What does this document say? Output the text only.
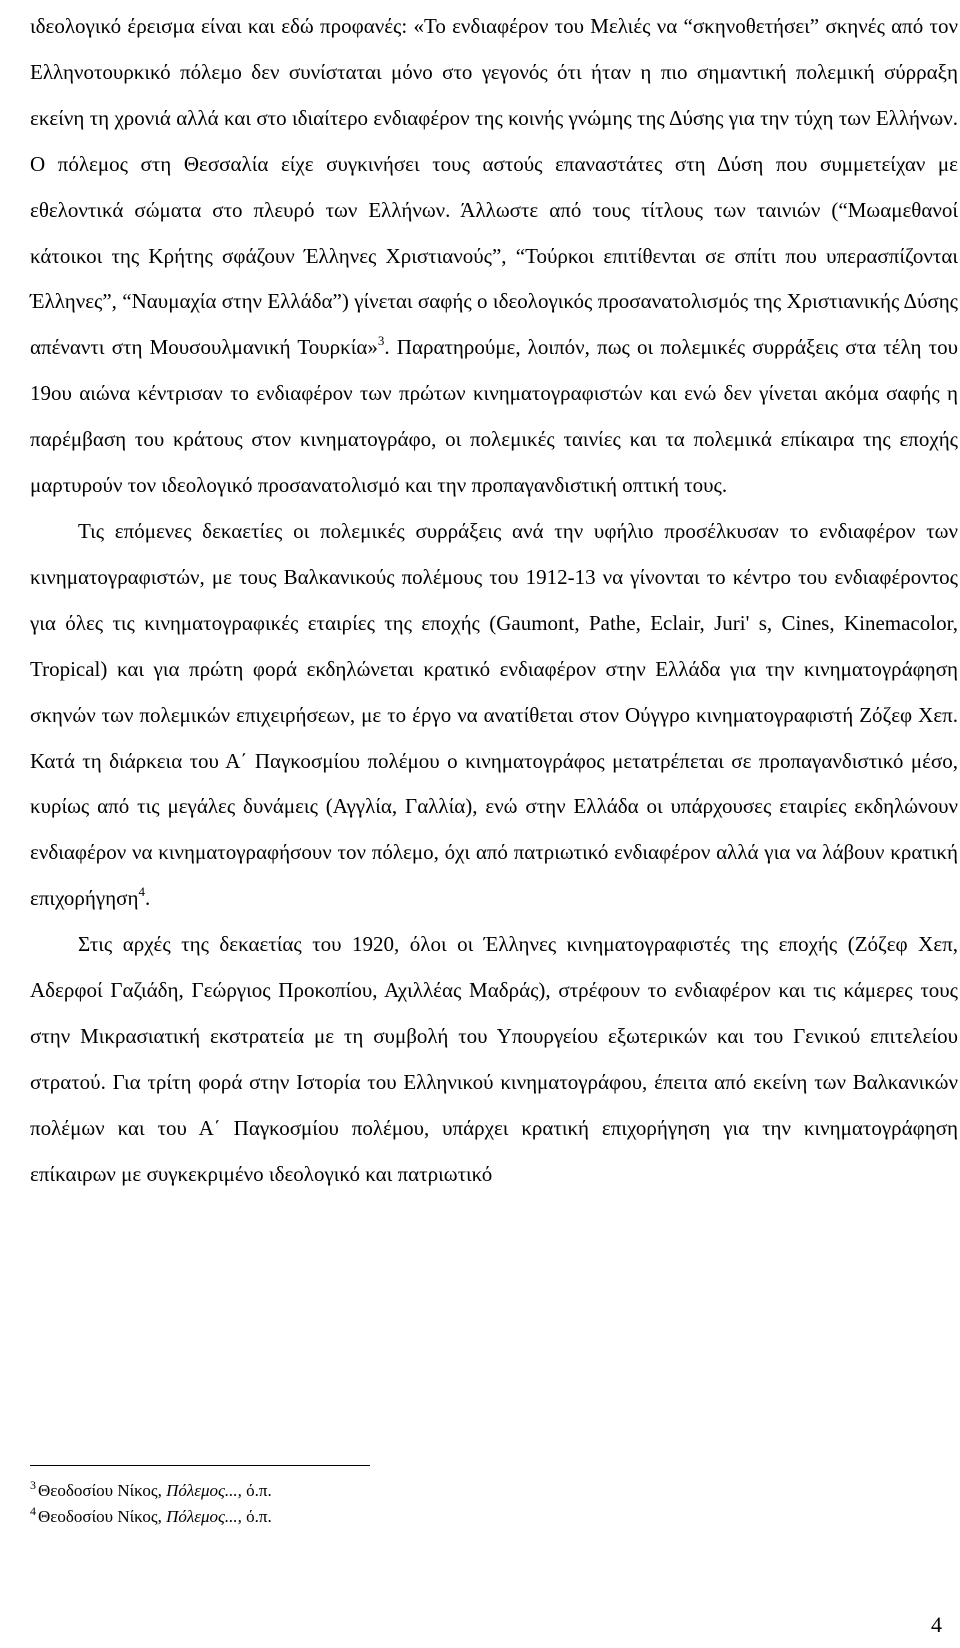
ιδεολογικό έρεισμα είναι και εδώ προφανές: «Το ενδιαφέρον του Μελιές να “σκηνοθετήσει” σκηνές από τον Ελληνοτουρκικό πόλεμο δεν συνίσταται μόνο στο γεγονός ότι ήταν η πιο σημαντική πολεμική σύρραξη εκείνη τη χρονιά αλλά και στο ιδιαίτερο ενδιαφέρον της κοινής γνώμης της Δύσης για την τύχη των Ελλήνων. Ο πόλεμος στη Θεσσαλία είχε συγκινήσει τους αστούς επαναστάτες στη Δύση που συμμετείχαν με εθελοντικά σώματα στο πλευρό των Ελλήνων. Άλλωστε από τους τίτλους των ταινιών (“Μωαμεθανοί κάτοικοι της Κρήτης σφάζουν Έλληνες Χριστιανούς”, “Τούρκοι επιτίθενται σε σπίτι που υπερασπίζονται Έλληνες”, “Ναυμαχία στην Ελλάδα”) γίνεται σαφής ο ιδεολογικός προσανατολισμός της Χριστιανικής Δύσης απέναντι στη Μουσουλμανική Τουρκία»$^3$. Παρατηρούμε, λοιπόν, πως οι πολεμικές συρράξεις στα τέλη του 19ου αιώνα κέντρισαν το ενδιαφέρον των πρώτων κινηματογραφιστών και ενώ δεν γίνεται ακόμα σαφής η παρέμβαση του κράτους στον κινηματογράφο, οι πολεμικές ταινίες και τα πολεμικά επίκαιρα της εποχής μαρτυρούν τον ιδεολογικό προσανατολισμό και την προπαγανδιστική οπτική τους.

Τις επόμενες δεκαετίες οι πολεμικές συρράξεις ανά την υφήλιο προσέλκυσαν το ενδιαφέρον των κινηματογραφιστών, με τους Βαλκανικούς πολέμους του 1912-13 να γίνονται το κέντρο του ενδιαφέροντος για όλες τις κινηματογραφικές εταιρίες της εποχής (Gaumont, Pathe, Eclair, Juri' s, Cines, Kinemacolor, Tropical) και για πρώτη φορά εκδηλώνεται κρατικό ενδιαφέρον στην Ελλάδα για την κινηματογράφηση σκηνών των πολεμικών επιχειρήσεων, με το έργο να ανατίθεται στον Ούγγρο κινηματογραφιστή Ζόζεφ Χεπ. Κατά τη διάρκεια του Α΄ Παγκοσμίου πολέμου ο κινηματογράφος μετατρέπεται σε προπαγανδιστικό μέσο, κυρίως από τις μεγάλες δυνάμεις (Αγγλία, Γαλλία), ενώ στην Ελλάδα οι υπάρχουσες εταιρίες εκδηλώνουν ενδιαφέρον να κινηματογραφήσουν τον πόλεμο, όχι από πατριωτικό ενδιαφέρον αλλά για να λάβουν κρατική επιχορήγηση$^4$.

Στις αρχές της δεκαετίας του 1920, όλοι οι Έλληνες κινηματογραφιστές της εποχής (Ζόζεφ Χεπ, Αδερφοί Γαζιάδη, Γεώργιος Προκοπίου, Αχιλλέας Μαδράς), στρέφουν το ενδιαφέρον και τις κάμερες τους στην Μικρασιατική εκστρατεία με τη συμβολή του Υπουργείου εξωτερικών και του Γενικού επιτελείου στρατού. Για τρίτη φορά στην Ιστορία του Ελληνικού κινηματογράφου, έπειτα από εκείνη των Βαλκανικών πολέμων και του Α΄ Παγκοσμίου πολέμου, υπάρχει κρατική επιχορήγηση για την κινηματογράφηση επίκαιρων με συγκεκριμένο ιδεολογικό και πατριωτικό

3 Θεοδοσίου Νίκος, Πόλεμος..., ό.π.
4 Θεοδοσίου Νίκος, Πόλεμος..., ό.π.
4
